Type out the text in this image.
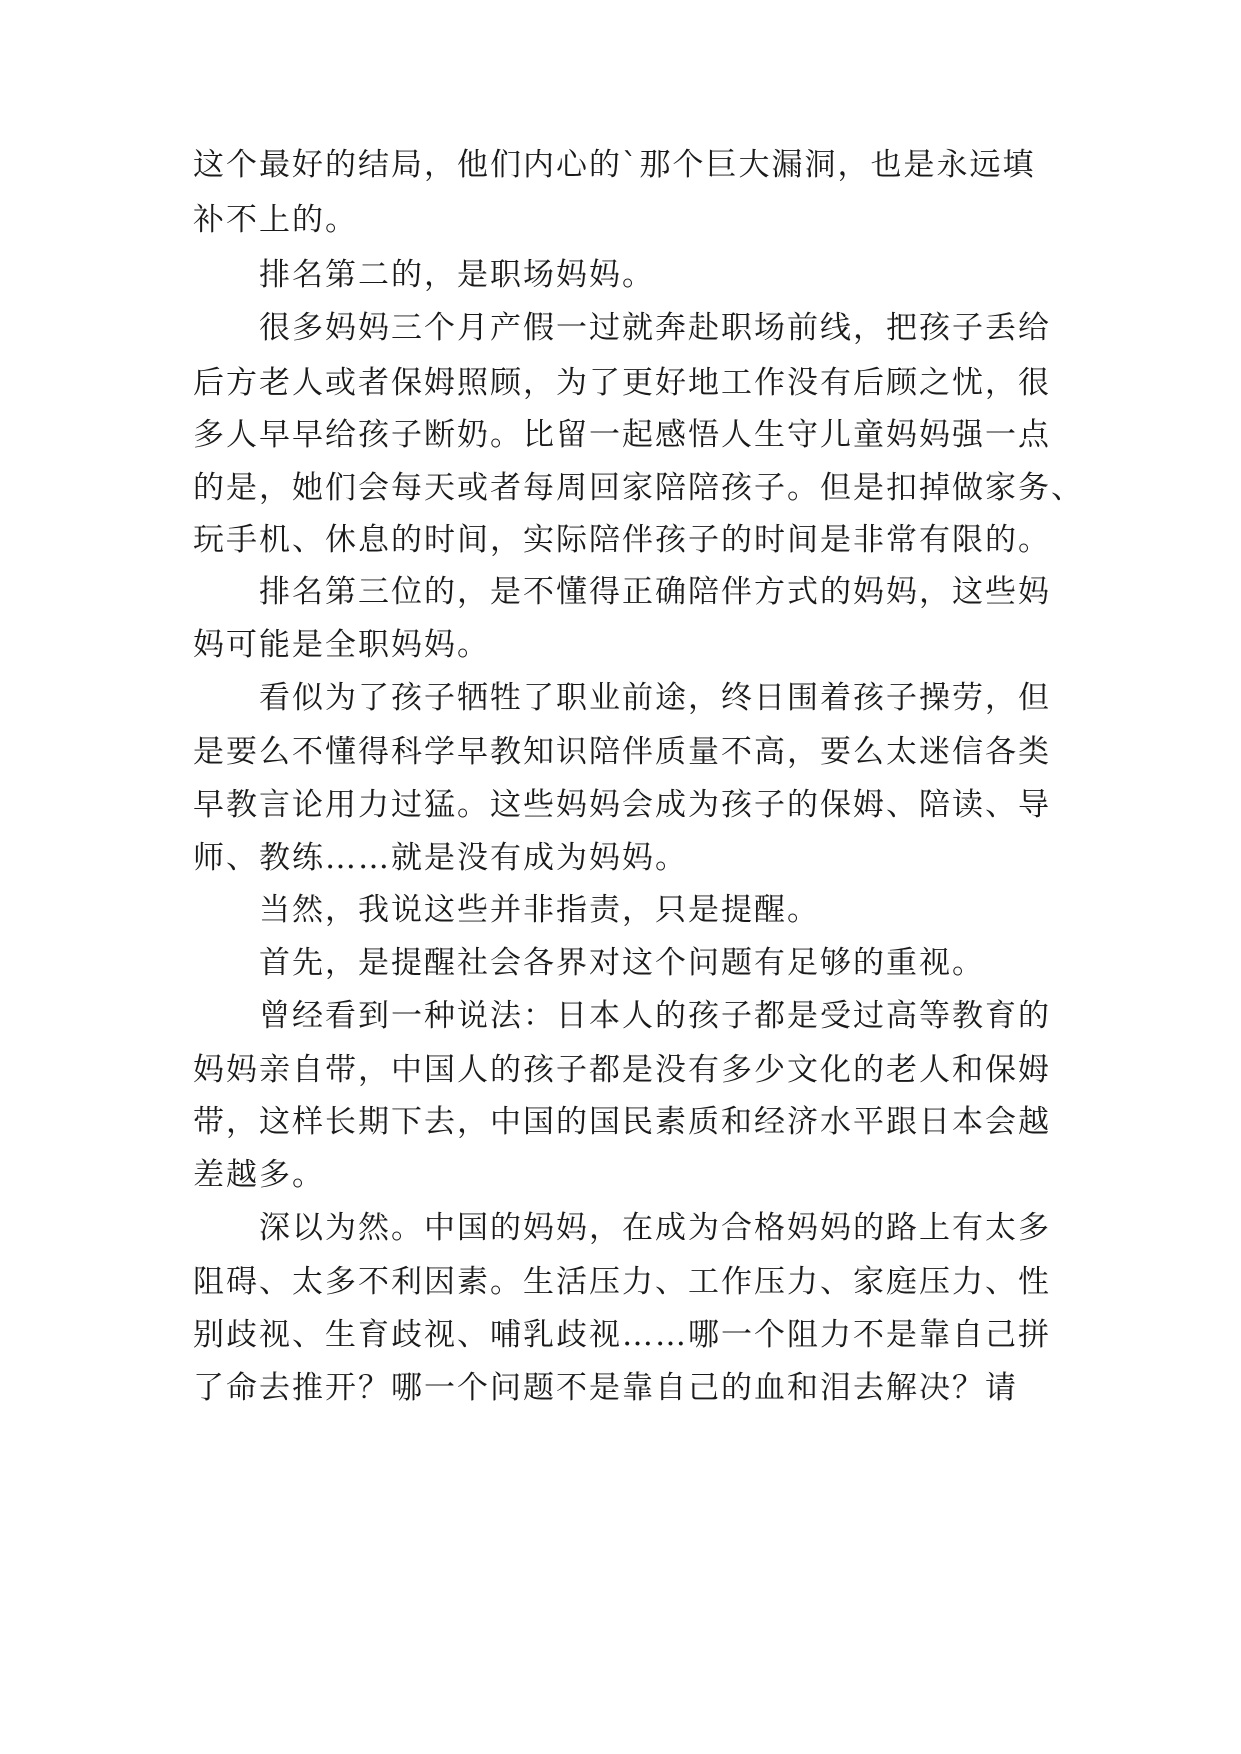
这个最好的结局，他们内心的`那个巨大漏洞，也是永远填

补不上的。

排名第二的，是职场妈妈。

很多妈妈三个月产假一过就奔赴职场前线，把孩子丢给

后方老人或者保姆照顾，为了更好地工作没有后顾之忧，很

多人早早给孩子断奶。比留一起感悟人生守儿童妈妈强一点

的是，她们会每天或者每周回家陪陪孩子。但是扣掉做家务、

玩手机、休息的时间，实际陪伴孩子的时间是非常有限的。

排名第三位的，是不懂得正确陪伴方式的妈妈，这些妈

妈可能是全职妈妈。

看似为了孩子牺牲了职业前途，终日围着孩子操劳，但

是要么不懂得科学早教知识陪伴质量不高，要么太迷信各类

早教言论用力过猛。这些妈妈会成为孩子的保姆、陪读、导

师、教练……就是没有成为妈妈。

当然，我说这些并非指责，只是提醒。

首先，是提醒社会各界对这个问题有足够的重视。

曾经看到一种说法：日本人的孩子都是受过高等教育的

妈妈亲自带，中国人的孩子都是没有多少文化的老人和保姆

带，这样长期下去，中国的国民素质和经济水平跟日本会越

差越多。

深以为然。中国的妈妈，在成为合格妈妈的路上有太多

阻碍、太多不利因素。生活压力、工作压力、家庭压力、性

别歧视、生育歧视、哺乳歧视……哪一个阻力不是靠自己拼

了命去推开？哪一个问题不是靠自己的血和泪去解决？请
